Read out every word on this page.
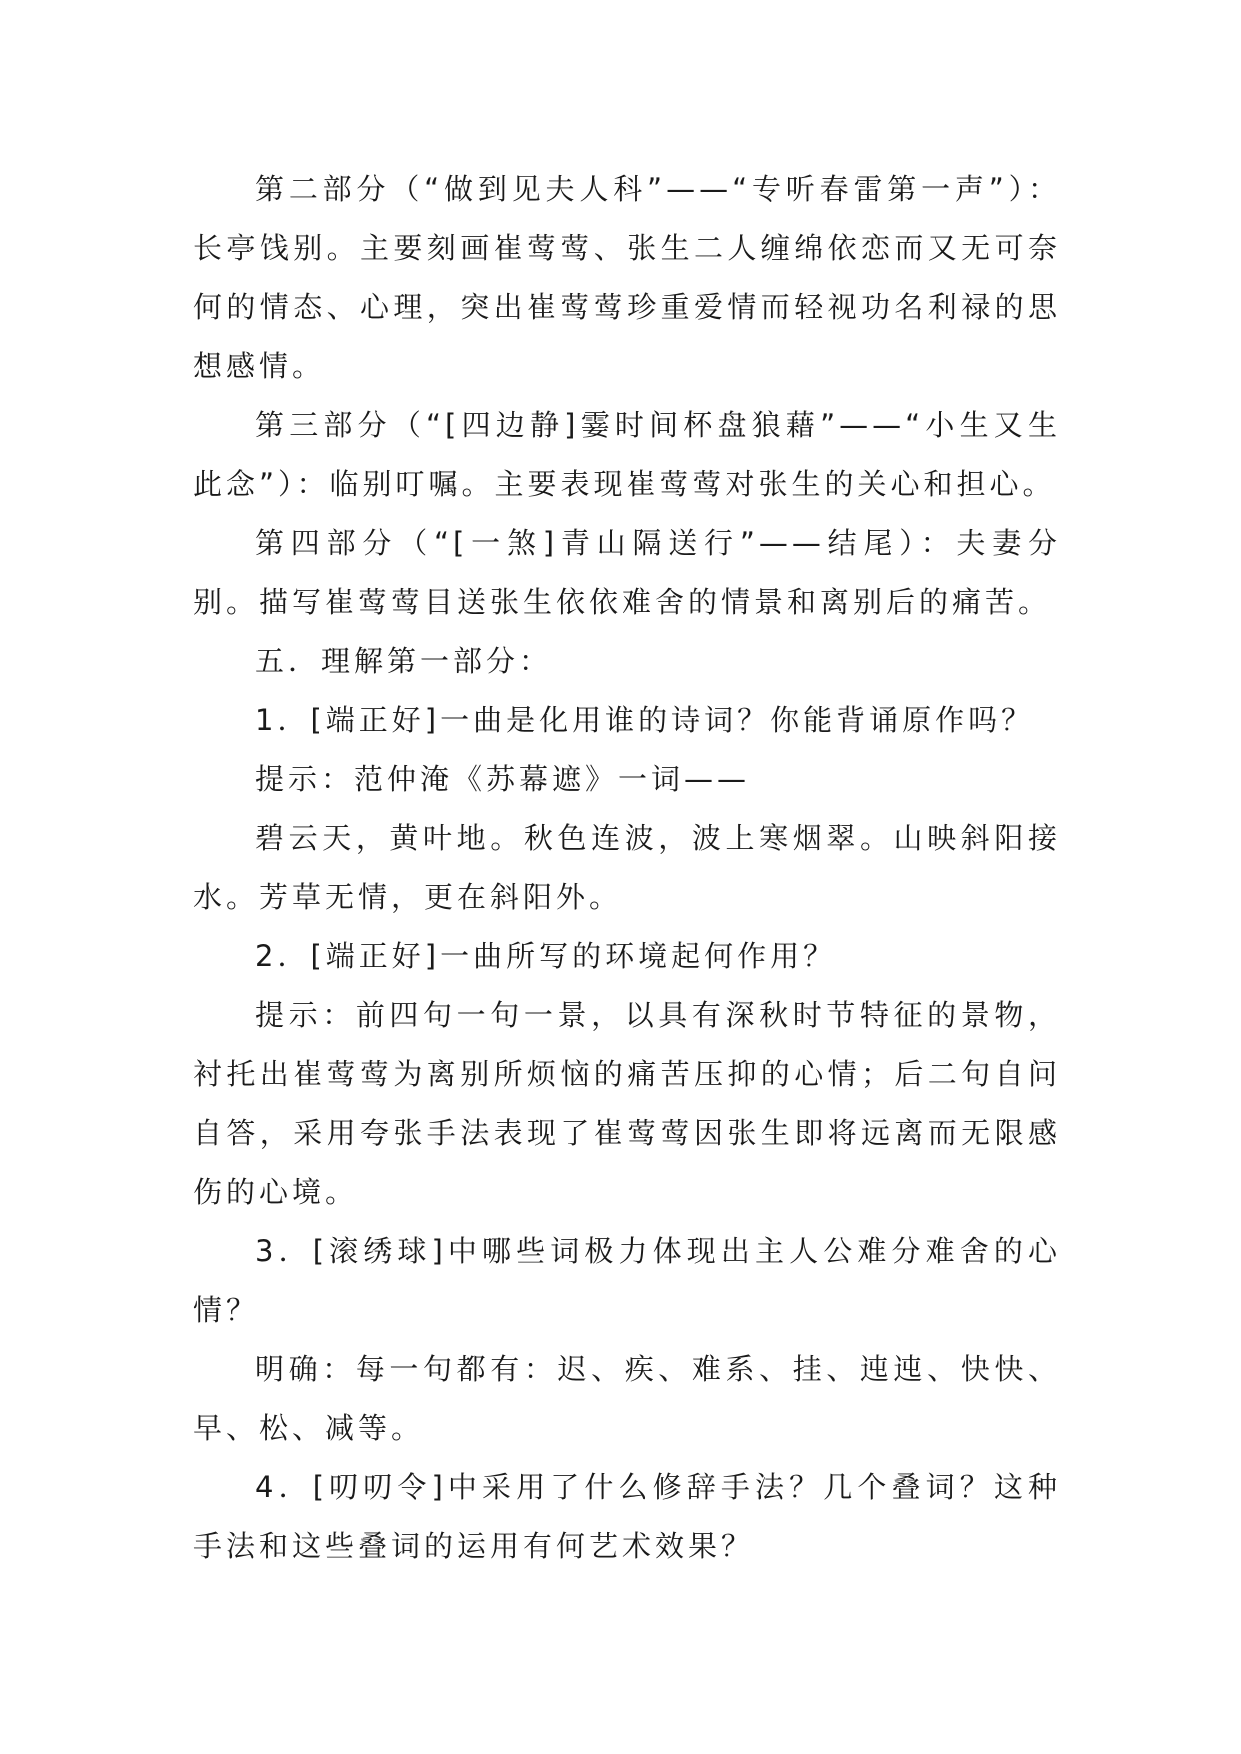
第二部分（“做到见夫人科”——“专听春雷第一声”）：长亭饯别。主要刻画崔莺莺、张生二人缠绵依恋而又无可奈何的情态、心理，突出崔莺莺珍重爱情而轻视功名利禄的思想感情。

第三部分（“[四边静]霎时间杯盘狼藉”——“小生又生此念”）：临别叮嘱。主要表现崔莺莺对张生的关心和担心。

第四部分（“[一煞]青山隔送行”——结尾）：夫妻分别。描写崔莺莺目送张生依依难舍的情景和离别后的痛苦。

五．理解第一部分：

1．[端正好]一曲是化用谁的诗词？你能背诵原作吗？

提示：范仲淹《苏幕遮》一词——

碧云天，黄叶地。秋色连波，波上寒烟翠。山映斜阳接水。芳草无情，更在斜阳外。

2．[端正好]一曲所写的环境起何作用？

提示：前四句一句一景，以具有深秋时节特征的景物，衬托出崔莺莺为离别所烦恼的痛苦压抑的心情；后二句自问自答，采用夸张手法表现了崔莺莺因张生即将远离而无限感伤的心境。

3．[滚绣球]中哪些词极力体现出主人公难分难舍的心情？

明确：每一句都有：迟、疾、难系、挂、迍迍、快快、早、松、减等。

4．[叨叨令]中采用了什么修辞手法？几个叠词？这种手法和这些叠词的运用有何艺术效果？
